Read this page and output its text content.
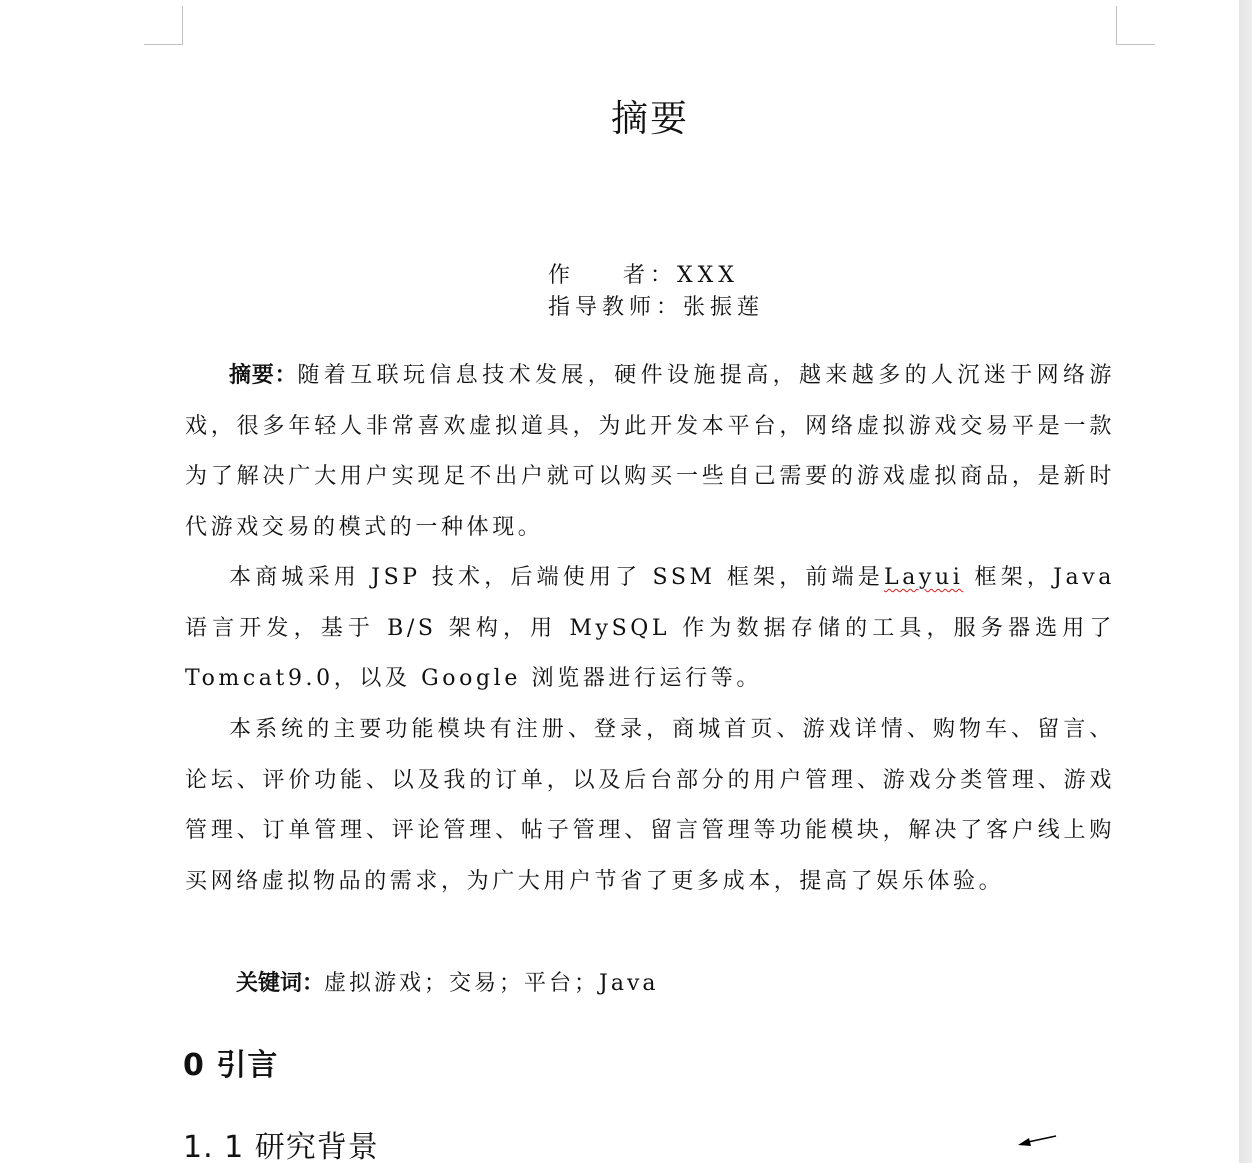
摘要
作    者：XXX
指导教师：张振莲

摘要：随着互联玩信息技术发展，硬件设施提高，越来越多的人沉迷于网络游戏，很多年轻人非常喜欢虚拟道具，为此开发本平台，网络虚拟游戏交易平是一款为了解决广大用户实现足不出户就可以购买一些自己需要的游戏虚拟商品，是新时代游戏交易的模式的一种体现。

本商城采用 JSP 技术，后端使用了 SSM 框架，前端是Layui 框架，Java 语言开发，基于 B/S 架构，用 MySQL 作为数据存储的工具，服务器选用了 Tomcat9.0，以及 Google 浏览器进行运行等。

本系统的主要功能模块有注册、登录，商城首页、游戏详情、购物车、留言、论坛、评价功能、以及我的订单，以及后台部分的用户管理、游戏分类管理、游戏管理、订单管理、评论管理、帖子管理、留言管理等功能模块，解决了客户线上购买网络虚拟物品的需求，为广大用户节省了更多成本，提高了娱乐体验。

关键词：虚拟游戏；交易；平台；Java
0 引言
1. 1 研究背景
